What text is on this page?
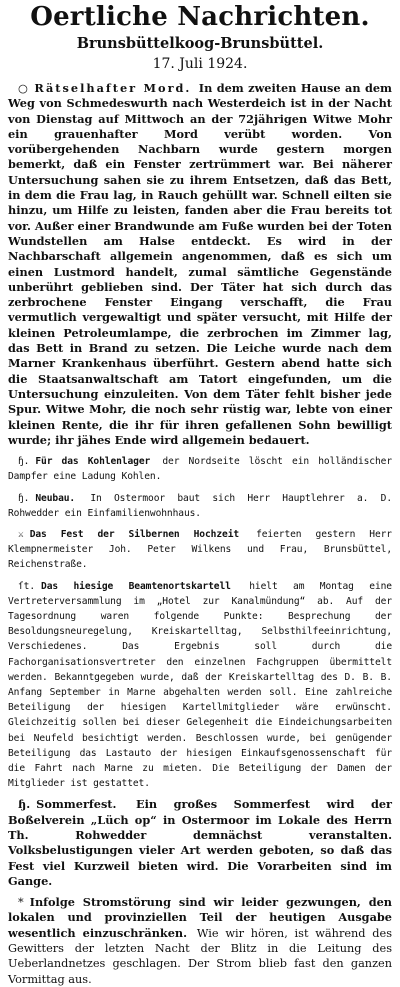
Oertliche Nachrichten.
Brunsbüttelkoog-Brunsbüttel.
17. Juli 1924.

○ Rätselhafter Mord. In dem zweiten Hause an dem Weg von Schmedeswurth nach Westerdeich ist in der Nacht von Dienstag auf Mittwoch an der 72jährigen Witwe Mohr ein grauenhafter Mord verübt worden. Von vorübergehenden Nachbarn wurde gestern morgen bemerkt, daß ein Fenster zertrümmert war. Bei näherer Untersuchung sahen sie zu ihrem Entsetzen, daß das Bett, in dem die Frau lag, in Rauch gehüllt war. Schnell eilten sie hinzu, um Hilfe zu leisten, fanden aber die Frau bereits tot vor. Außer einer Brandwunde am Fuße wurden bei der Toten Wundstellen am Halse entdeckt. Es wird in der Nachbarschaft allgemein angenommen, daß es sich um einen Lustmord handelt, zumal sämtliche Gegenstände unberührt geblieben sind. Der Täter hat sich durch das zerbrochene Fenster Eingang verschafft, die Frau vermutlich vergewaltigt und später versucht, mit Hilfe der kleinen Petroleumlampe, die zerbrochen im Zimmer lag, das Bett in Brand zu setzen. Die Leiche wurde nach dem Marner Krankenhaus überführt. Gestern abend hatte sich die Staatsanwaltschaft am Tatort eingefunden, um die Untersuchung einzuleiten. Von dem Täter fehlt bisher jede Spur. Witwe Mohr, die noch sehr rüstig war, lebte von einer kleinen Rente, die ihr für ihren gefallenen Sohn bewilligt wurde; ihr jähes Ende wird allgemein bedauert.

ɧ. Für das Kohlenlager der Nordseite löscht ein holländischer Dampfer eine Ladung Kohlen.

ɧ. Neubau. In Ostermoor baut sich Herr Hauptlehrer a. D. Rohwedder ein Einfamilienwohnhaus.

⚔ Das Fest der Silbernen Hochzeit feierten gestern Herr Klempnermeister Joh. Peter Wilkens und Frau, Brunsbüttel, Reichenstraße.

ſt. Das hiesige Beamtenortskartell hielt am Montag eine Vertreterversammlung im „Hotel zur Kanalmündung“ ab. Auf der Tagesordnung waren folgende Punkte: Besprechung der Besoldungsneuregelung, Kreiskartelltag, Selbsthilfeeinrichtung, Verschiedenes. Das Ergebnis soll durch die Fachorganisationsvertreter den einzelnen Fachgruppen übermittelt werden. Bekanntgegeben wurde, daß der Kreiskartelltag des D. B. B. Anfang September in Marne abgehalten werden soll. Eine zahlreiche Beteiligung der hiesigen Kartellmitglieder wäre erwünscht. Gleichzeitig sollen bei dieser Gelegenheit die Eindeichungsarbeiten bei Neufeld besichtigt werden. Beschlossen wurde, bei genügender Beteiligung das Lastauto der hiesigen Einkaufsgenossenschaft für die Fahrt nach Marne zu mieten. Die Beteiligung der Damen der Mitglieder ist gestattet.

ɧ. Sommerfest. Ein großes Sommerfest wird der Boßelverein „Lüch op“ in Ostermoor im Lokale des Herrn Th. Rohwedder demnächst veranstalten. Volksbelustigungen vieler Art werden geboten, so daß das Fest viel Kurzweil bieten wird. Die Vorarbeiten sind im Gange.

* Infolge Stromstörung sind wir leider gezwungen, den lokalen und provinziellen Teil der heutigen Ausgabe wesentlich einzuschränken. Wie wir hören, ist während des Gewitters der letzten Nacht der Blitz in die Leitung des Ueberlandnetzes geschlagen. Der Strom blieb fast den ganzen Vormittag aus.
